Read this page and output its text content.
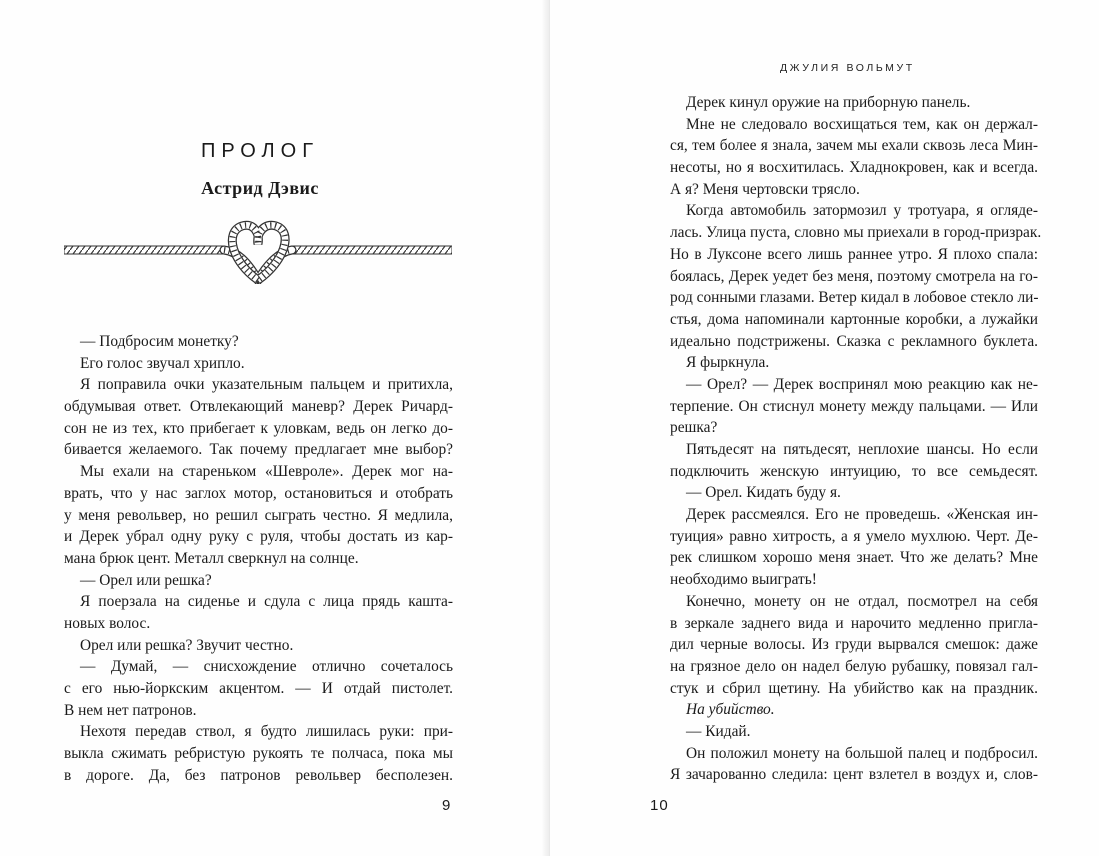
ПРОЛОГ
Астрид Дэвис
— Подбросим монетку?
Его голос звучал хрипло.
Я поправила очки указательным пальцем и притихла,
обдумывая ответ. Отвлекающий маневр? Дерек Ричард-
сон не из тех, кто прибегает к уловкам, ведь он легко до-
бивается желаемого. Так почему предлагает мне выбор?
Мы ехали на стареньком «Шевроле». Дерек мог на-
врать, что у нас заглох мотор, остановиться и отобрать
у меня револьвер, но решил сыграть честно. Я медлила,
и Дерек убрал одну руку с руля, чтобы достать из кар-
мана брюк цент. Металл сверкнул на солнце.
— Орел или решка?
Я поерзала на сиденье и сдула с лица прядь кашта-
новых волос.
Орел или решка? Звучит честно.
— Думай, — снисхождение отлично сочеталось
с его нью-йоркским акцентом. — И отдай пистолет.
В нем нет патронов.
Нехотя передав ствол, я будто лишилась руки: при-
выкла сжимать ребристую рукоять те полчаса, пока мы
в дороге. Да, без патронов револьвер бесполезен.
9
ДЖУЛИЯ ВОЛЬМУТ
Дерек кинул оружие на приборную панель.
Мне не следовало восхищаться тем, как он держал-
ся, тем более я знала, зачем мы ехали сквозь леса Мин-
несоты, но я восхитилась. Хладнокровен, как и всегда.
А я? Меня чертовски трясло.
Когда автомобиль затормозил у тротуара, я огляде-
лась. Улица пуста, словно мы приехали в город-призрак.
Но в Луксоне всего лишь раннее утро. Я плохо спала:
боялась, Дерек уедет без меня, поэтому смотрела на го-
род сонными глазами. Ветер кидал в лобовое стекло ли-
стья, дома напоминали картонные коробки, а лужайки
идеально подстрижены. Сказка с рекламного буклета.
Я фыркнула.
— Орел? — Дерек воспринял мою реакцию как не-
терпение. Он стиснул монету между пальцами. — Или
решка?
Пятьдесят на пятьдесят, неплохие шансы. Но если
подключить женскую интуицию, то все семьдесят.
— Орел. Кидать буду я.
Дерек рассмеялся. Его не проведешь. «Женская ин-
туиция» равно хитрость, а я умело мухлюю. Черт. Де-
рек слишком хорошо меня знает. Что же делать? Мне
необходимо выиграть!
Конечно, монету он не отдал, посмотрел на себя
в зеркале заднего вида и нарочито медленно пригла-
дил черные волосы. Из груди вырвался смешок: даже
на грязное дело он надел белую рубашку, повязал гал-
стук и сбрил щетину. На убийство как на праздник.
На убийство.
— Кидай.
Он положил монету на большой палец и подбросил.
Я зачарованно следила: цент взлетел в воздух и, слов-
10
